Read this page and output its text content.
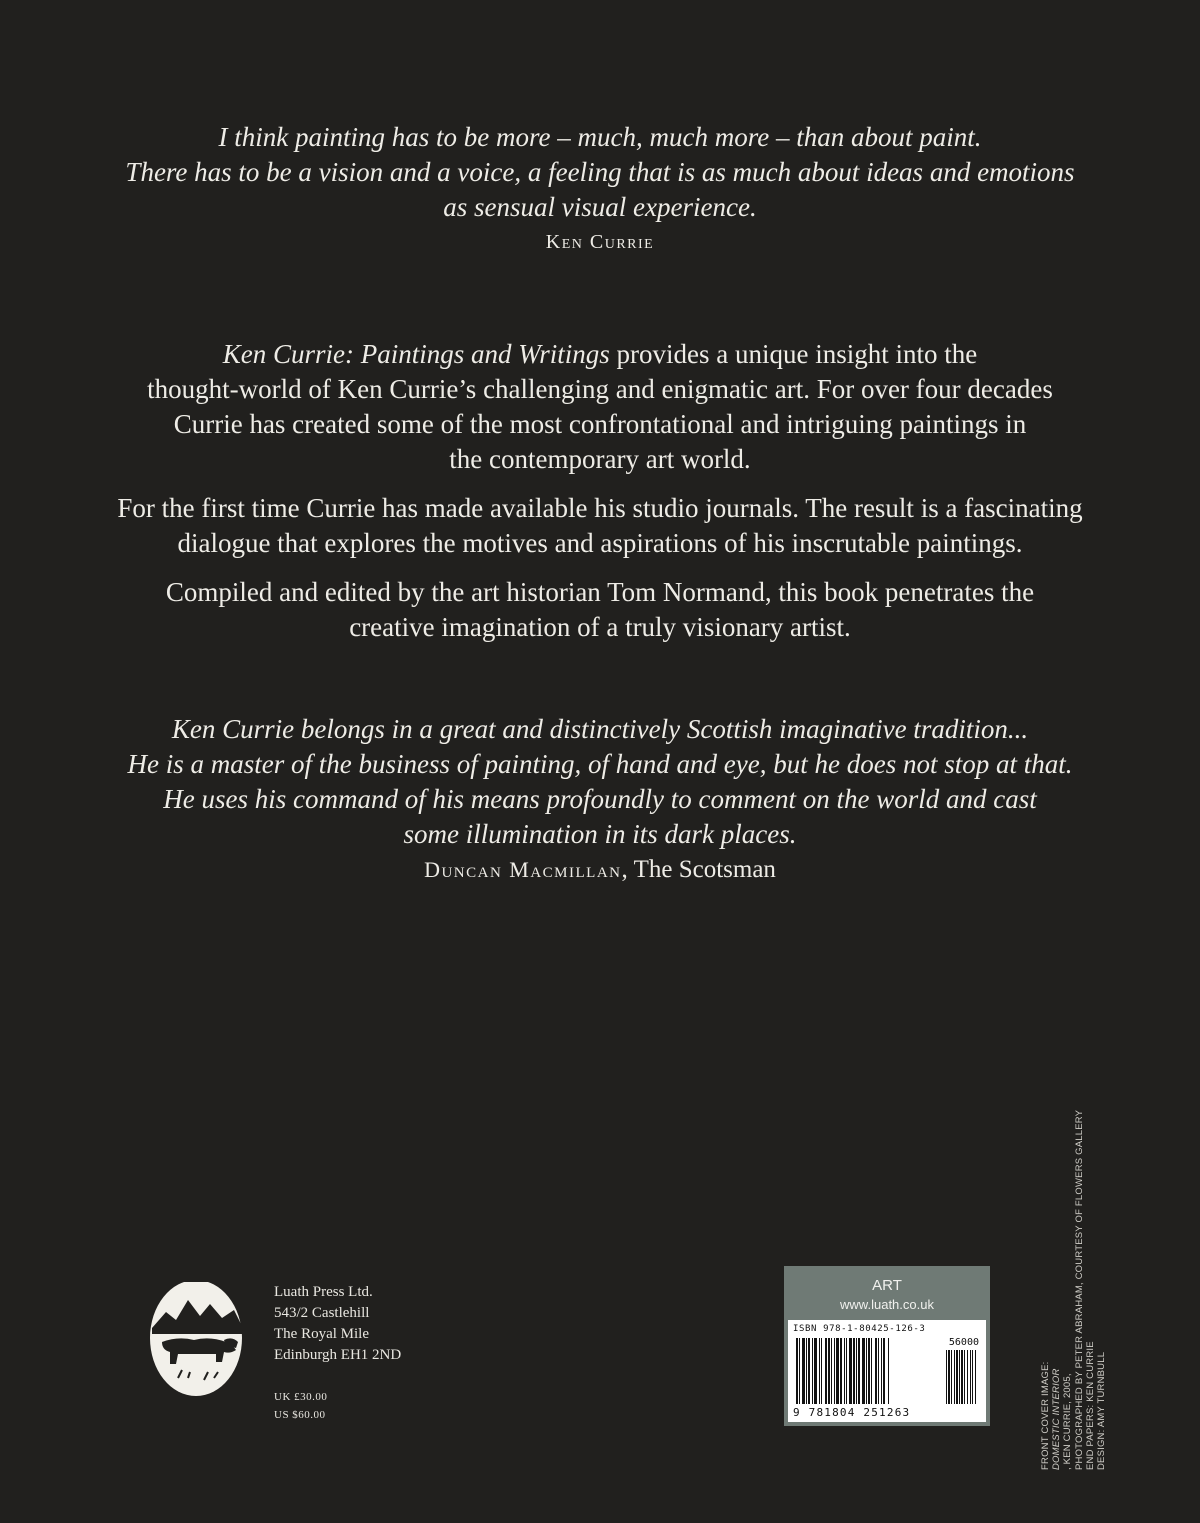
I think painting has to be more – much, much more – than about paint.
There has to be a vision and a voice, a feeling that is as much about ideas and emotions
as sensual visual experience.
Ken Currie

Ken Currie: Paintings and Writings provides a unique insight into the
thought-world of Ken Currie’s challenging and enigmatic art. For over four decades
Currie has created some of the most confrontational and intriguing paintings in
the contemporary art world.

For the first time Currie has made available his studio journals. The result is a fascinating
dialogue that explores the motives and aspirations of his inscrutable paintings.

Compiled and edited by the art historian Tom Normand, this book penetrates the
creative imagination of a truly visionary artist.

Ken Currie belongs in a great and distinctively Scottish imaginative tradition...
He is a master of the business of painting, of hand and eye, but he does not stop at that.
He uses his command of his means profoundly to comment on the world and cast
some illumination in its dark places.
Duncan Macmillan, The Scotsman
Luath Press Ltd.
543/2 Castlehill
The Royal Mile
Edinburgh EH1 2ND
UK £30.00
US $60.00
ART
www.luath.co.uk
ISBN 978-1-80425-126-3
56000
9 781804 251263	FRONT COVER IMAGE: DOMESTIC INTERIOR , KEN CURRIE, 2005, PHOTOGRAPHED BY PETER ABRAHAM, COURTESY OF FLOWERS GALLERY END PAPERS: KEN CURRIE DESIGN: AMY TURNBULL
